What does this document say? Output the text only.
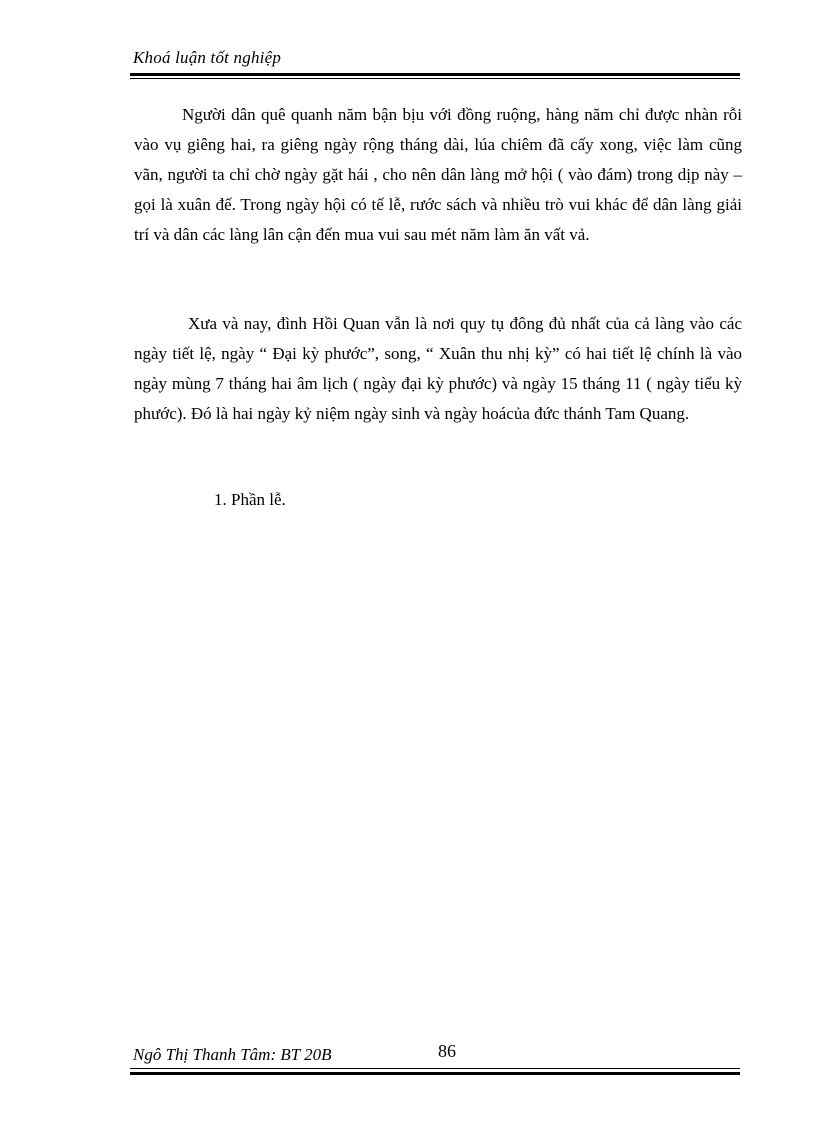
Khoá luận tốt nghiệp

Người dân quê quanh năm bận bịu với đồng ruộng, hàng năm chỉ được nhàn rỗi vào vụ giêng hai, ra giêng ngày rộng tháng dài, lúa chiêm đã cấy xong, việc làm cũng vãn, người ta chỉ chờ ngày gặt hái , cho nên dân làng mở hội ( vào đám) trong dịp này – gọi là xuân đế. Trong ngày hội có tế lễ, rước sách và nhiều trò vui khác để dân làng giải trí và dân các làng lân cận đến mua vui sau mét năm làm ăn vất vả.

Xưa và nay, đình Hồi Quan vẫn là nơi quy tụ đông đủ nhất của cả làng vào các ngày tiết lệ, ngày “ Đại kỳ phước”, song, “ Xuân thu nhị kỳ” có hai tiết lệ chính là vào ngày mùng 7 tháng hai âm lịch ( ngày đại kỳ phước) và ngày 15 tháng 11 ( ngày tiểu kỳ phước). Đó là hai ngày kỷ niệm ngày sinh và ngày hoácủa đức thánh Tam Quang.

1. Phần lễ.

Ngô Thị Thanh Tâm: BT 20B	86
